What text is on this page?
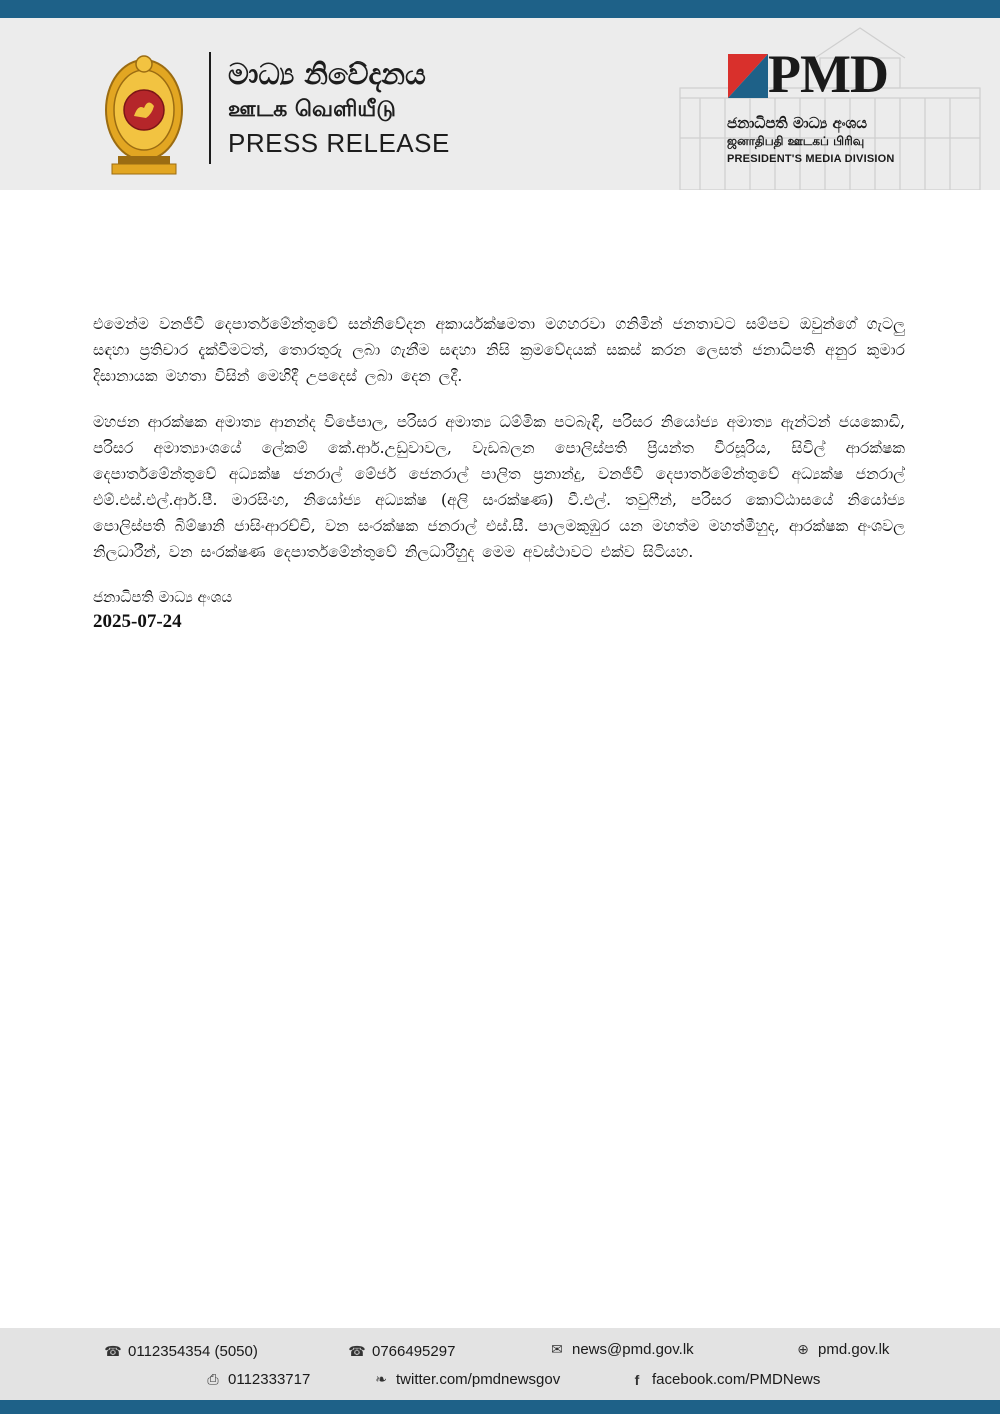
මාධ්‍ය නිවේදනය
ஊடக வெளியீடு
PRESS RELEASE
PMD
ජනාධිපති මාධ්‍ය අංශය
ஜனாதிபதி ஊடகப் பிரிவு
PRESIDENT'S MEDIA DIVISION

එමෙන්ම වනජීවී දෙපාර්තමේන්තුවේ සන්නිවේදන අකාර්යක්ෂමතා මගහරවා ගනිමින් ජනතාවට සම්පව ඔවුන්ගේ ගැටලු සඳහා ප්‍රතිචාර දැක්වීමටත්, තොරතුරු ලබා ගැනීම සඳහා නිසි ක්‍රමවේදයක් සකස් කරන ලෙසත් ජනාධිපති අනුර කුමාර දිසානායක මහතා විසින් මෙහිදී උපදෙස් ලබා දෙන ලදී.

මහජන ආරක්ෂක අමාත්‍ය ආනන්ද විජේපාල, පරිසර අමාත්‍ය ධම්මික පටබැඳි, පරිසර නියෝජ්‍ය අමාත්‍ය ඇන්ටන් ජයකොඩි, පරිසර අමාත්‍යාංශයේ ලේකම් කේ.ආර්.උඩුවාවල, වැඩබලන පොලිස්පති ප්‍රියන්ත වීරසූරිය, සිවිල් ආරක්ෂක දෙපාර්තමේන්තුවේ අධ්‍යක්ෂ ජනරාල් මේජර් ජෙනරාල් පාලිත ප්‍රනාන්දු, වනජීවී දෙපාර්තමේන්තුවේ අධ්‍යක්ෂ ජනරාල් එම්.එස්.එල්.ආර්.පී. මාරසිංහ, නියෝජ්‍ය අධ්‍යක්ෂ (අලි සංරක්ෂණ) වී.එල්. තවුෆීන්, පරිසර කොට්ඨාසයේ නියෝජ්‍ය පොලිස්පති බිම්ෂානි ජාසිංආරච්චි, වන සංරක්ෂක ජනරාල් එස්.සී. පාලමකුඹුර යන මහත්ම මහත්මීහුද, ආරක්ෂක අංශවල නිලධාරීන්, වන සංරක්ෂණ දෙපාර්තමේන්තුවේ නිලධාරීහුද මෙම අවස්ථාවට එක්ව සිටියහ.

ජනාධිපති මාධ්‍ය අංශය
2025-07-24
☎ 0112354354 (5050)	☎ 0766495297	✉ news@pmd.gov.lk	⊕ pmd.gov.lk
⎙ 0112333717	❧ twitter.com/pmdnewsgov	f facebook.com/PMDNews
